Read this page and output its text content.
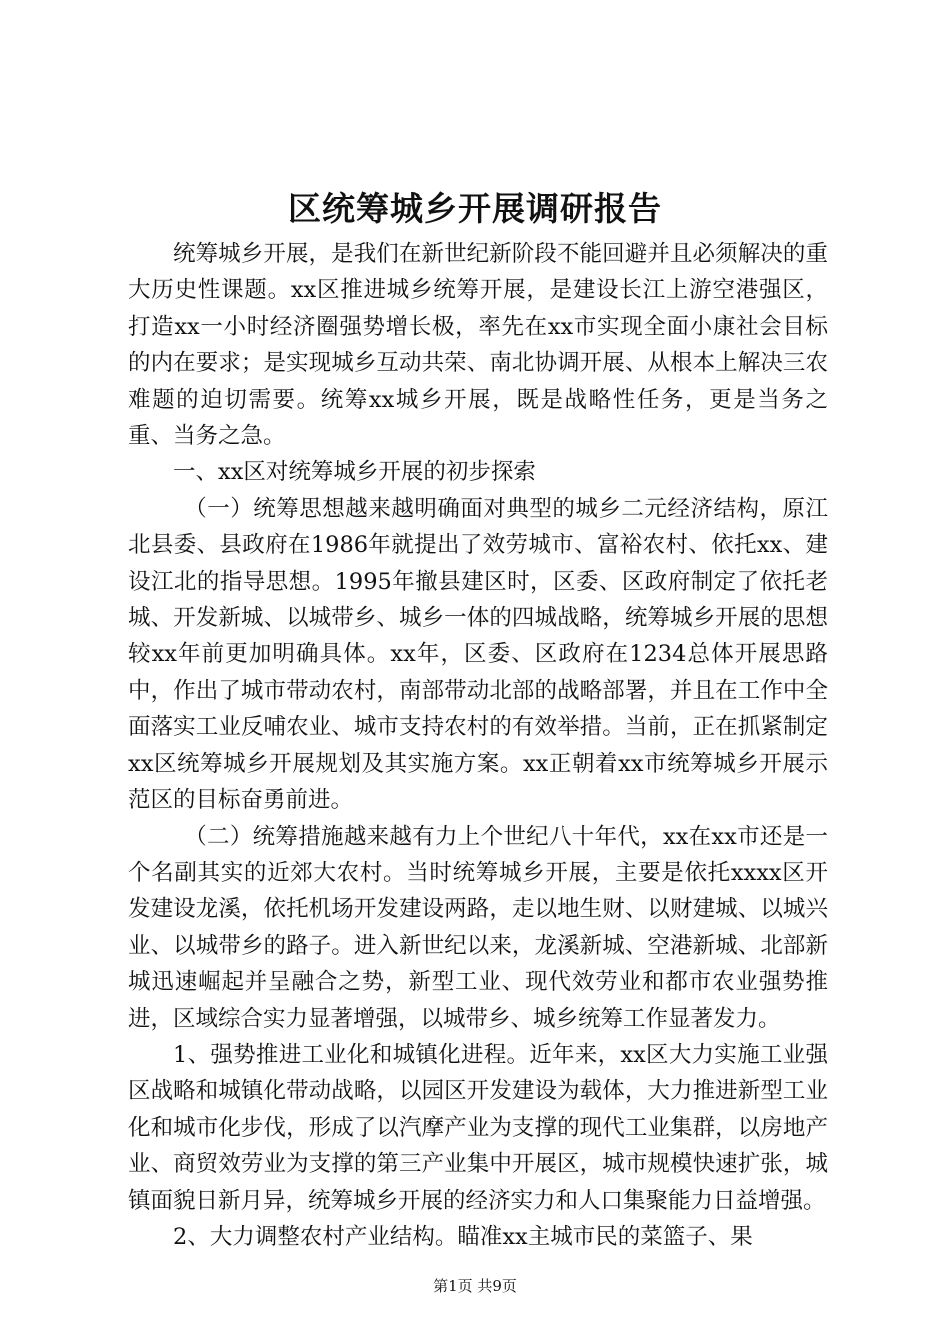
区统筹城乡开展调研报告

统筹城乡开展，是我们在新世纪新阶段不能回避并且必须解决的重大历史性课题。xx区推进城乡统筹开展，是建设长江上游空港强区，打造xx一小时经济圈强势增长极，率先在xx市实现全面小康社会目标的内在要求；是实现城乡互动共荣、南北协调开展、从根本上解决三农难题的迫切需要。统筹xx城乡开展，既是战略性任务，更是当务之重、当务之急。

一、xx区对统筹城乡开展的初步探索

（一）统筹思想越来越明确面对典型的城乡二元经济结构，原江北县委、县政府在1986年就提出了效劳城市、富裕农村、依托xx、建设江北的指导思想。1995年撤县建区时，区委、区政府制定了依托老城、开发新城、以城带乡、城乡一体的四城战略，统筹城乡开展的思想较xx年前更加明确具体。xx年，区委、区政府在1234总体开展思路中，作出了城市带动农村，南部带动北部的战略部署，并且在工作中全面落实工业反哺农业、城市支持农村的有效举措。当前，正在抓紧制定xx区统筹城乡开展规划及其实施方案。xx正朝着xx市统筹城乡开展示范区的目标奋勇前进。

（二）统筹措施越来越有力上个世纪八十年代，xx在xx市还是一个名副其实的近郊大农村。当时统筹城乡开展，主要是依托xxxx区开发建设龙溪，依托机场开发建设两路，走以地生财、以财建城、以城兴业、以城带乡的路子。进入新世纪以来，龙溪新城、空港新城、北部新城迅速崛起并呈融合之势，新型工业、现代效劳业和都市农业强势推进，区域综合实力显著增强，以城带乡、城乡统筹工作显著发力。

1、强势推进工业化和城镇化进程。近年来，xx区大力实施工业强区战略和城镇化带动战略，以园区开发建设为载体，大力推进新型工业化和城市化步伐，形成了以汽摩产业为支撑的现代工业集群，以房地产业、商贸效劳业为支撑的第三产业集中开展区，城市规模快速扩张，城镇面貌日新月异，统筹城乡开展的经济实力和人口集聚能力日益增强。

2、大力调整农村产业结构。瞄准xx主城市民的菜篮子、果

第1页 共9页
